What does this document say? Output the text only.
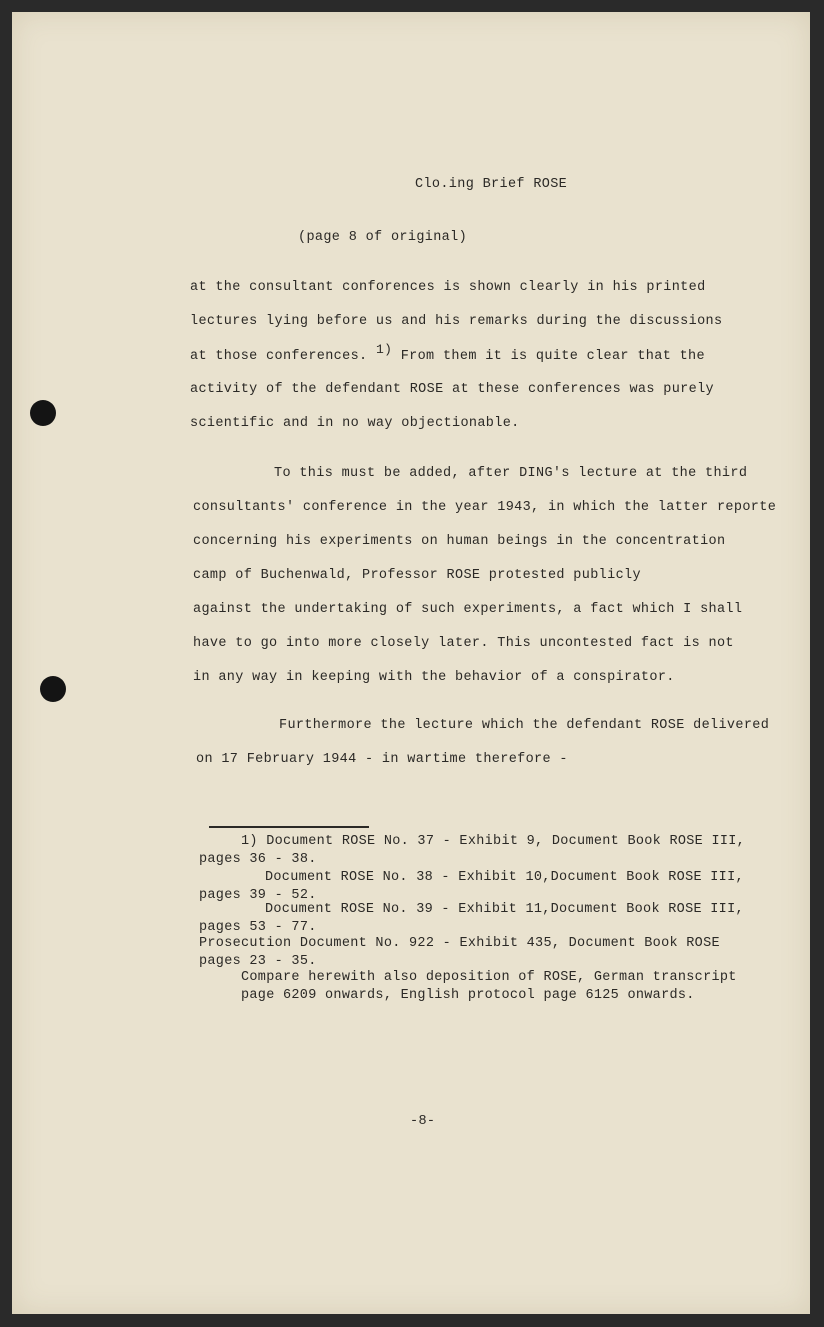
Clo.ing Brief ROSE
(page 8 of original)
at the consultant conforences is shown clearly in his printed
lectures lying before us and his remarks during the discussions
at those conferences. 1) From them it is quite clear that the
activity of the defendant ROSE at these conferences was purely
scientific and in no way objectionable.
To this must be added, after DING's lecture at the third
consultants' conference in the year 1943, in which the latter reporte
concerning his experiments on human beings in the concentration
camp of Buchenwald, Professor ROSE protested publicly
against the undertaking of such experiments, a fact which I shall
have to go into more closely later. This uncontested fact is not
in any way in keeping with the behavior of a conspirator.
Furthermore the lecture which the defendant ROSE delivered
on 17 February 1944 - in wartime therefore -
1) Document ROSE No. 37 - Exhibit 9, Document Book ROSE III,
pages 36 - 38.
Document ROSE No. 38 - Exhibit 10,Document Book ROSE III,
pages 39 - 52.
Document ROSE No. 39 - Exhibit 11,Document Book ROSE III,
pages 53 - 77.
Prosecution Document No. 922 - Exhibit 435, Document Book ROSE
pages 23 - 35.
Compare herewith also deposition of ROSE, German transcript
page 6209 onwards, English protocol page 6125 onwards.
-8-
